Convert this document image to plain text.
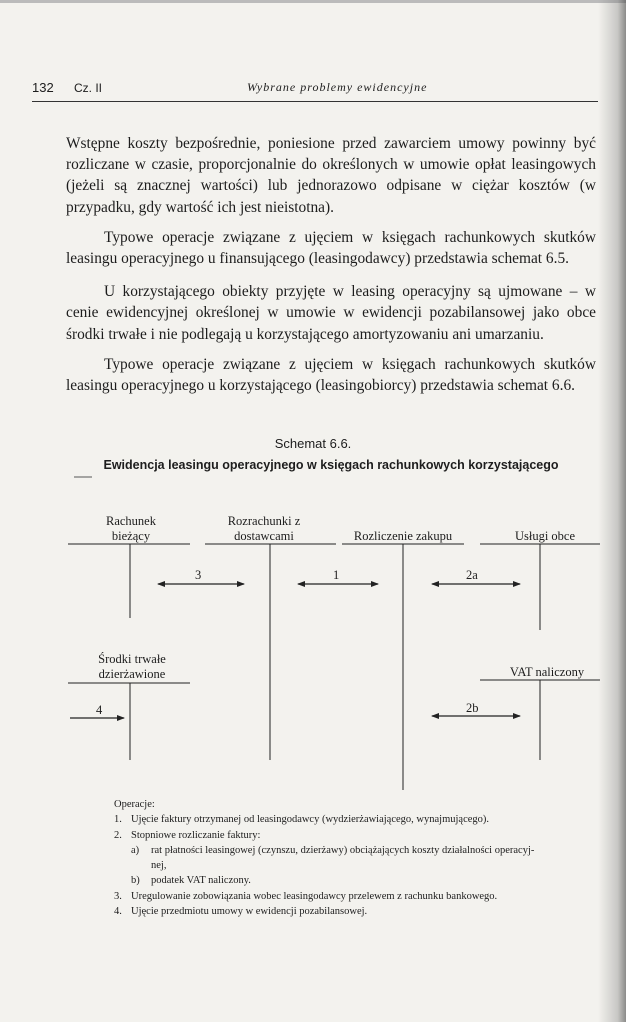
132 Cz. II	Wybrane problemy ewidencyjne

Wstępne koszty bezpośrednie, poniesione przed zawarciem umowy powinny być rozliczane w czasie, proporcjonalnie do określonych w umowie opłat leasingowych (jeżeli są znacznej wartości) lub jednorazowo odpisane w ciężar kosztów (w przypadku, gdy wartość ich jest nieistotna).

Typowe operacje związane z ujęciem w księgach rachunkowych skutków leasingu operacyjnego u finansującego (leasingodawcy) przedstawia schemat 6.5.

U korzystającego obiekty przyjęte w leasing operacyjny są ujmowane – w cenie ewidencyjnej określonej w umowie w ewidencji pozabilansowej jako obce środki trwałe i nie podlegają u korzystającego amortyzowaniu ani umarzaniu.

Typowe operacje związane z ujęciem w księgach rachunkowych skutków leasingu operacyjnego u korzystającego (leasingobiorcy) przedstawia schemat 6.6.

Schemat 6.6.
Ewidencja leasingu operacyjnego w księgach rachunkowych korzystającego
Rachunek bieżący
Rozrachunki z dostawcami	Rozliczenie zakupu	Usługi obce
Środki trwałe dzierżawione	VAT naliczony
3	1	2a
4	2b
Operacje:
1. Ujęcie faktury otrzymanej od leasingodawcy (wydzierżawiającego, wynajmującego).
2. Stopniowe rozliczanie faktury:
a)	rat płatności leasingowej (czynszu, dzierżawy) obciążających koszty działalności operacyj-
nej,
b)	podatek VAT naliczony.
3. Uregulowanie zobowiązania wobec leasingodawcy przelewem z rachunku bankowego.
4. Ujęcie przedmiotu umowy w ewidencji pozabilansowej.
